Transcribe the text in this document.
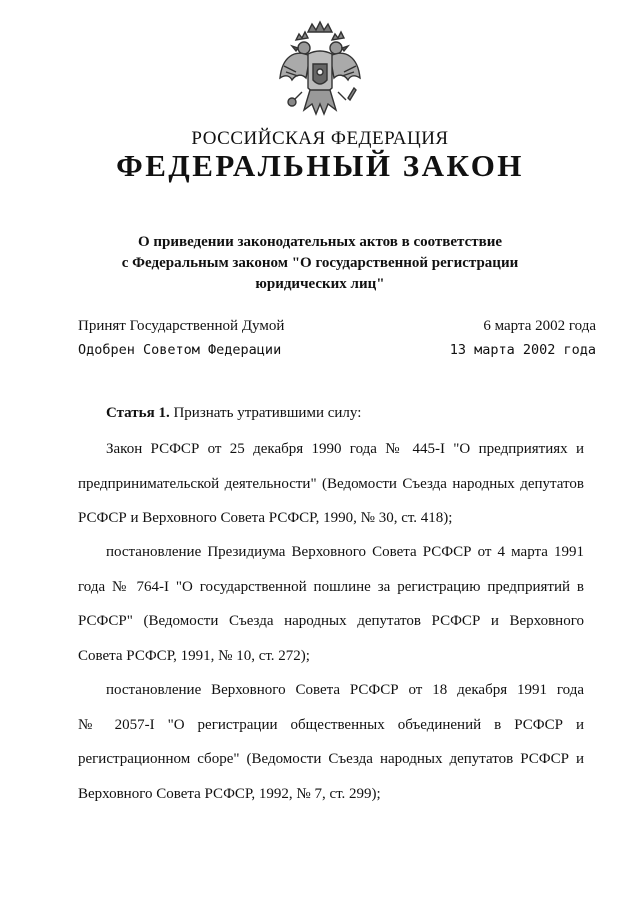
РОССИЙСКАЯ ФЕДЕРАЦИЯ
ФЕДЕРАЛЬНЫЙ ЗАКОН
О приведении законодательных актов в соответствие
с Федеральным законом "О государственной регистрации
юридических лиц"
Принят Государственной Думой	6 марта 2002 года
Одобрен Советом Федерации	13 марта 2002 года
Статья 1. Признать утратившими силу:
Закон РСФСР от 25 декабря 1990 года № 445-I "О предприятиях и
предпринимательской деятельности" (Ведомости Съезда народных депутатов
РСФСР и Верховного Совета РСФСР, 1990, № 30, ст. 418);
постановление Президиума Верховного Совета РСФСР от 4 марта 1991
года № 764-I "О государственной пошлине за регистрацию предприятий в
РСФСР" (Ведомости Съезда народных депутатов РСФСР и Верховного
Совета РСФСР, 1991, № 10, ст. 272);
постановление Верховного Совета РСФСР от 18 декабря 1991 года
№ 2057-I "О регистрации общественных объединений в РСФСР и
регистрационном сборе" (Ведомости Съезда народных депутатов РСФСР и
Верховного Совета РСФСР, 1992, № 7, ст. 299);
